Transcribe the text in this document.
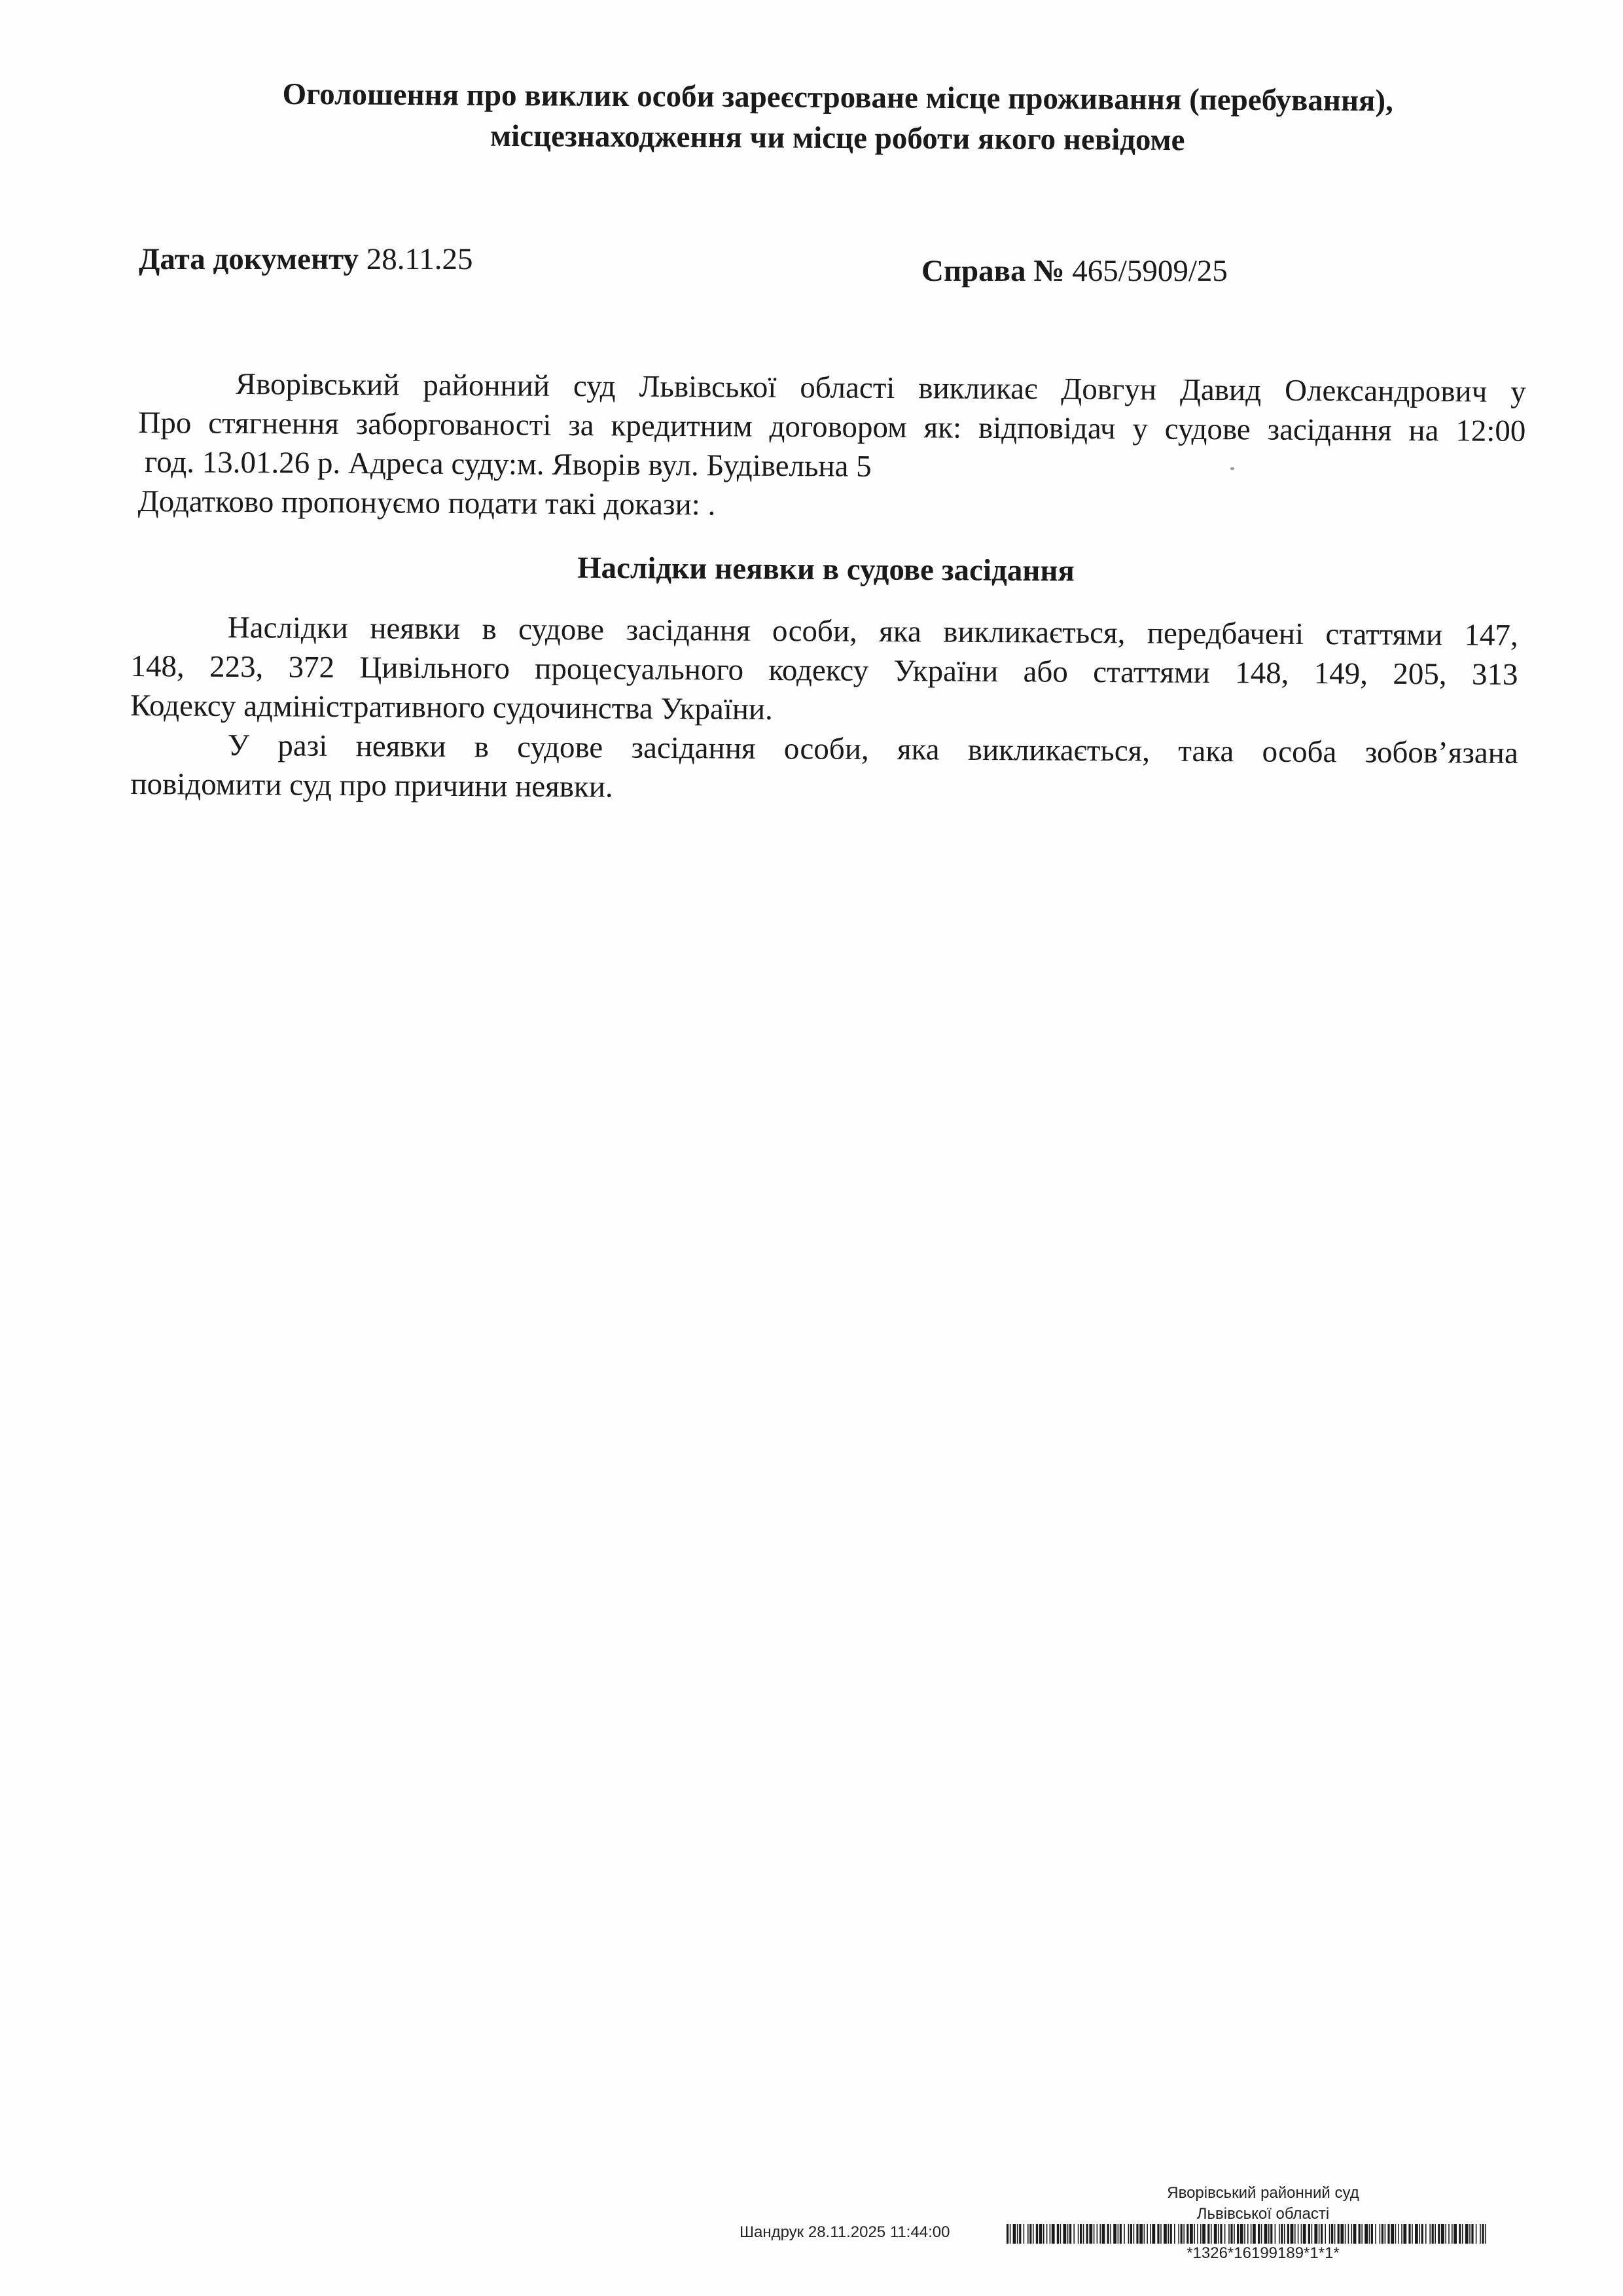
Оголошення про виклик особи зареєстроване місце проживання (перебування),
місцезнаходження чи місце роботи якого невідоме
Дата документу 28.11.25	Справа № 465/5909/25
Яворівський районний суд Львівської області викликає Довгун Давид Олександрович у
Про стягнення заборгованості за кредитним договором як: відповідач у судове засідання на 12:00
год. 13.01.26 р. Адреса суду:м. Яворів вул. Будівельна 5
Додатково пропонуємо подати такі докази: .
Наслідки неявки в судове засідання
Наслідки неявки в судове засідання особи, яка викликається, передбачені статтями 147,
148, 223, 372 Цивільного процесуального кодексу України або статтями 148, 149, 205, 313
Кодексу адміністративного судочинства України.
У разі неявки в судове засідання особи, яка викликається, така особа зобов’язана
повідомити суд про причини неявки.
Яворівський районний суд
Львівської області
Шандрук 28.11.2025 11:44:00
*1326*16199189*1*1*
